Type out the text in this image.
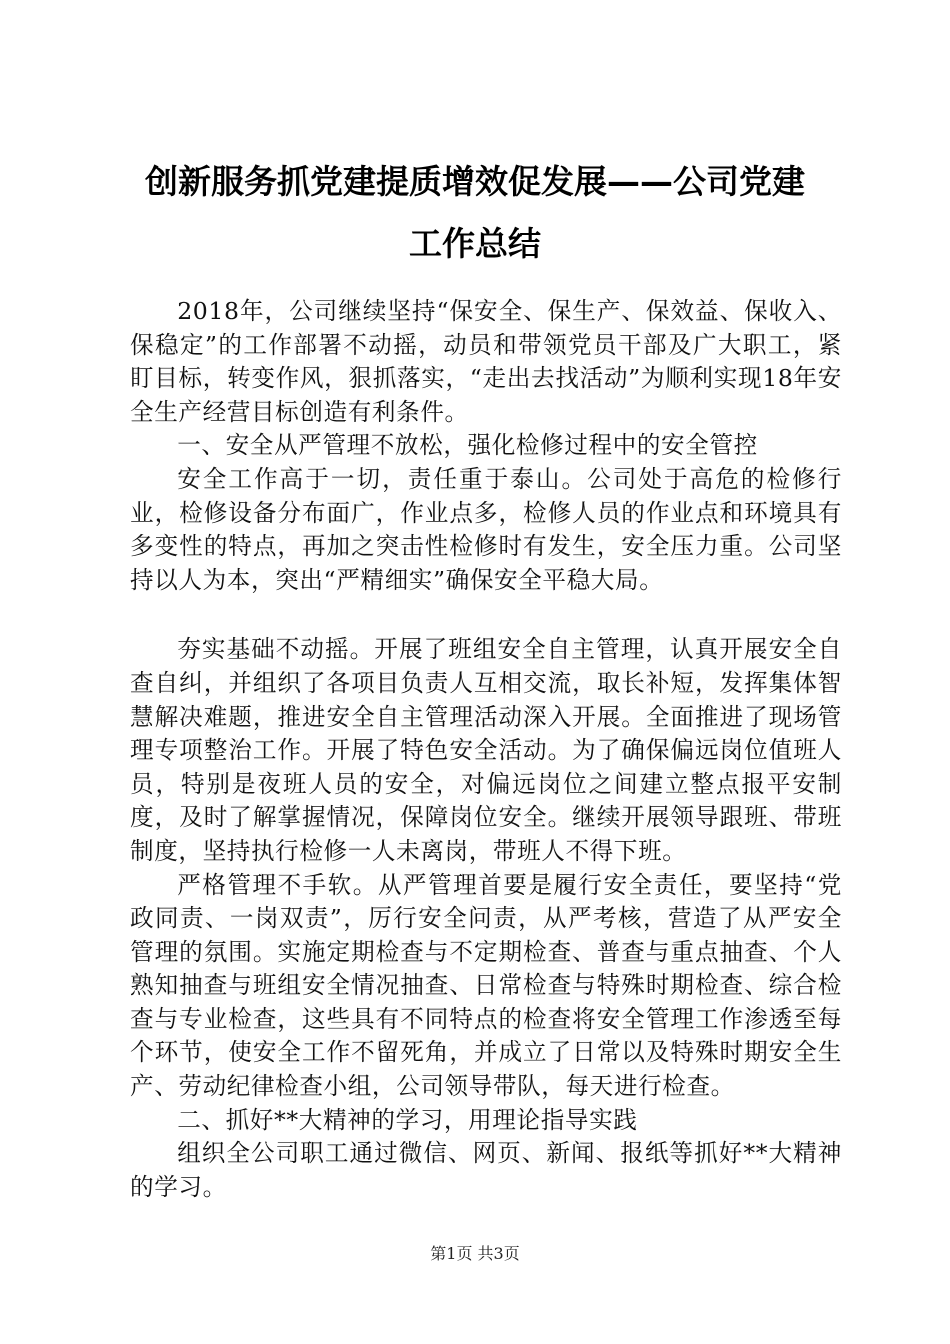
创新服务抓党建提质增效促发展——公司党建
工作总结

2018年，公司继续坚持“保安全、保生产、保效益、保收入、保稳定”的工作部署不动摇，动员和带领党员干部及广大职工，紧盯目标，转变作风，狠抓落实，“走出去找活动”为顺利实现18年安全生产经营目标创造有利条件。

一、安全从严管理不放松，强化检修过程中的安全管控

安全工作高于一切，责任重于泰山。公司处于高危的检修行业，检修设备分布面广，作业点多，检修人员的作业点和环境具有多变性的特点，再加之突击性检修时有发生，安全压力重。公司坚持以人为本，突出“严精细实”确保安全平稳大局。

夯实基础不动摇。开展了班组安全自主管理，认真开展安全自查自纠，并组织了各项目负责人互相交流，取长补短，发挥集体智慧解决难题，推进安全自主管理活动深入开展。全面推进了现场管理专项整治工作。开展了特色安全活动。为了确保偏远岗位值班人员，特别是夜班人员的安全，对偏远岗位之间建立整点报平安制度，及时了解掌握情况，保障岗位安全。继续开展领导跟班、带班制度，坚持执行检修一人未离岗，带班人不得下班。

严格管理不手软。从严管理首要是履行安全责任，要坚持“党政同责、一岗双责”，厉行安全问责，从严考核，营造了从严安全管理的氛围。实施定期检查与不定期检查、普查与重点抽查、个人熟知抽查与班组安全情况抽查、日常检查与特殊时期检查、综合检查与专业检查，这些具有不同特点的检查将安全管理工作渗透至每个环节，使安全工作不留死角，并成立了日常以及特殊时期安全生产、劳动纪律检查小组，公司领导带队，每天进行检查。

二、抓好**大精神的学习，用理论指导实践

组织全公司职工通过微信、网页、新闻、报纸等抓好**大精神的学习。

第1页 共3页
